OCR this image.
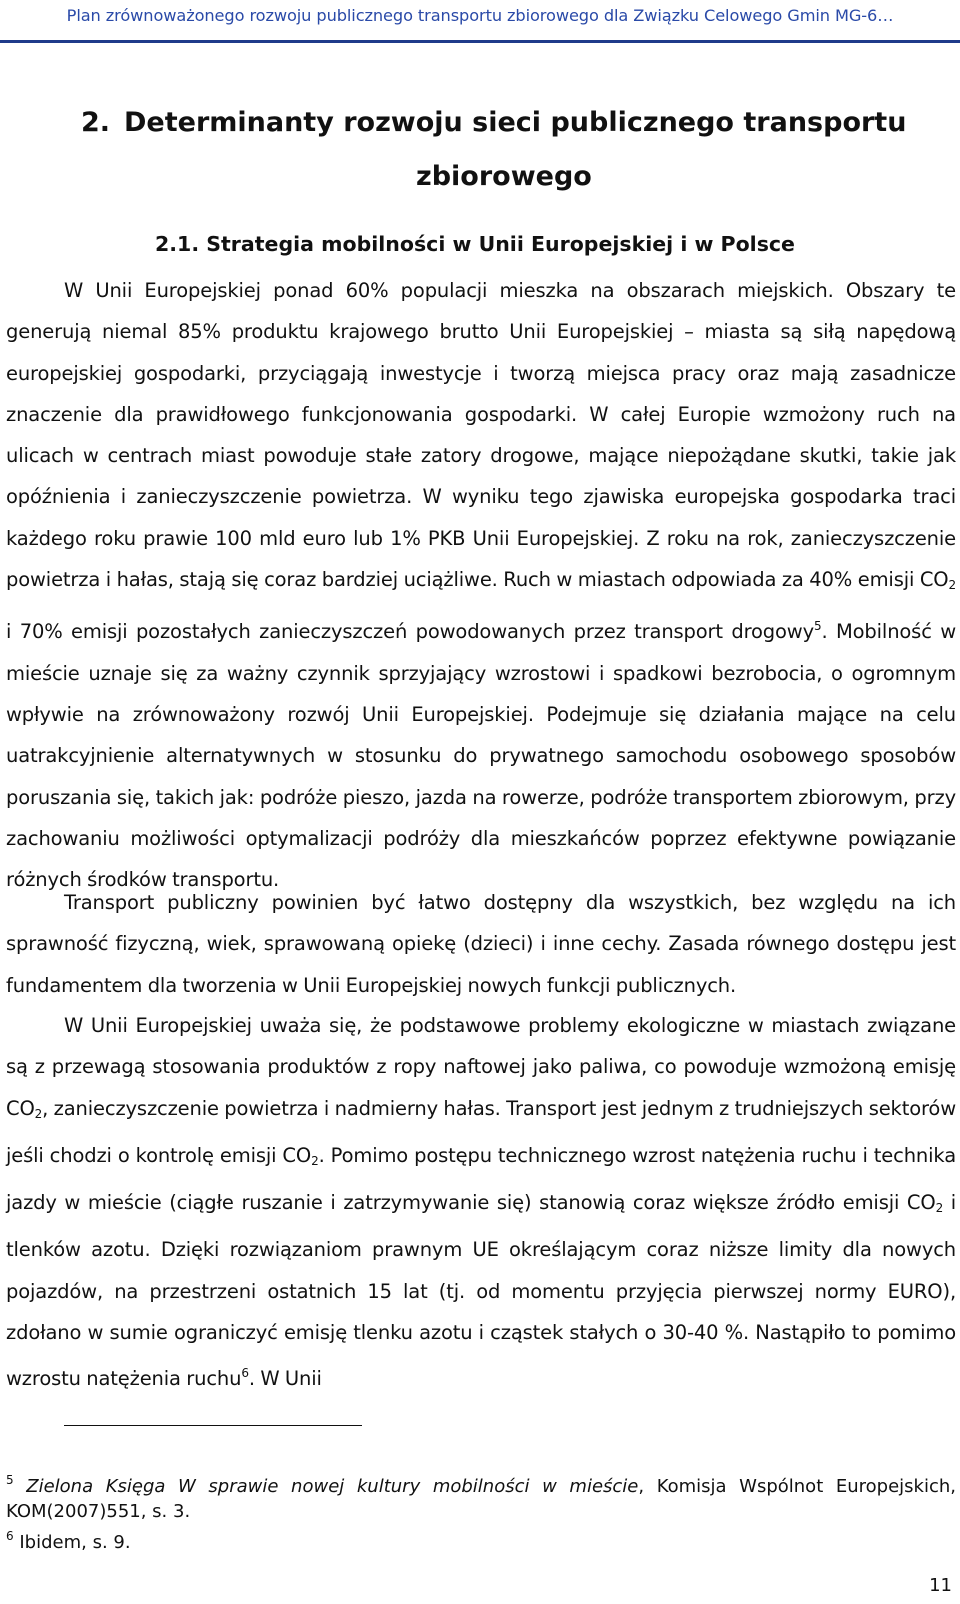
Plan zrównoważonego rozwoju publicznego transportu zbiorowego dla Związku Celowego Gmin MG-6…
2. Determinanty rozwoju sieci publicznego transportu
zbiorowego
2.1. Strategia mobilności w Unii Europejskiej i w Polsce
W Unii Europejskiej ponad 60% populacji mieszka na obszarach miejskich. Obszary te generują niemal 85% produktu krajowego brutto Unii Europejskiej – miasta są siłą napędową europejskiej gospodarki, przyciągają inwestycje i tworzą miejsca pracy oraz mają zasadnicze znaczenie dla prawidłowego funkcjonowania gospodarki. W całej Europie wzmożony ruch na ulicach w centrach miast powoduje stałe zatory drogowe, mające niepożądane skutki, takie jak opóźnienia i zanieczyszczenie powietrza. W wyniku tego zjawiska europejska gospodarka traci każdego roku prawie 100 mld euro lub 1% PKB Unii Europejskiej. Z roku na rok, zanieczyszczenie powietrza i hałas, stają się coraz bardziej uciążliwe. Ruch w miastach odpowiada za 40% emisji $CO_2$ i 70% emisji pozostałych zanieczyszczeń powodowanych przez transport drogowy$^5$. Mobilność w mieście uznaje się za ważny czynnik sprzyjający wzrostowi i spadkowi bezrobocia, o ogromnym wpływie na zrównoważony rozwój Unii Europejskiej. Podejmuje się działania mające na celu uatrakcyjnienie alternatywnych w stosunku do prywatnego samochodu osobowego sposobów poruszania się, takich jak: podróże pieszo, jazda na rowerze, podróże transportem zbiorowym, przy zachowaniu możliwości optymalizacji podróży dla mieszkańców poprzez efektywne powiązanie różnych środków transportu.
Transport publiczny powinien być łatwo dostępny dla wszystkich, bez względu na ich sprawność fizyczną, wiek, sprawowaną opiekę (dzieci) i inne cechy. Zasada równego dostępu jest fundamentem dla tworzenia w Unii Europejskiej nowych funkcji publicznych.
W Unii Europejskiej uważa się, że podstawowe problemy ekologiczne w miastach związane są z przewagą stosowania produktów z ropy naftowej jako paliwa, co powoduje wzmożoną emisję $CO_2$, zanieczyszczenie powietrza i nadmierny hałas. Transport jest jednym z trudniejszych sektorów jeśli chodzi o kontrolę emisji $CO_2$. Pomimo postępu technicznego wzrost natężenia ruchu i technika jazdy w mieście (ciągłe ruszanie i zatrzymywanie się) stanowią coraz większe źródło emisji $CO_2$ i tlenków azotu. Dzięki rozwiązaniom prawnym UE określającym coraz niższe limity dla nowych pojazdów, na przestrzeni ostatnich 15 lat (tj. od momentu przyjęcia pierwszej normy EURO), zdołano w sumie ograniczyć emisję tlenku azotu i cząstek stałych o 30-40 %. Nastąpiło to pomimo wzrostu natężenia ruchu$^6$. W Unii
$^5$ Zielona Księga W sprawie nowej kultury mobilności w mieście, Komisja Wspólnot Europejskich, KOM(2007)551, s. 3.
$^6$ Ibidem, s. 9.
11
